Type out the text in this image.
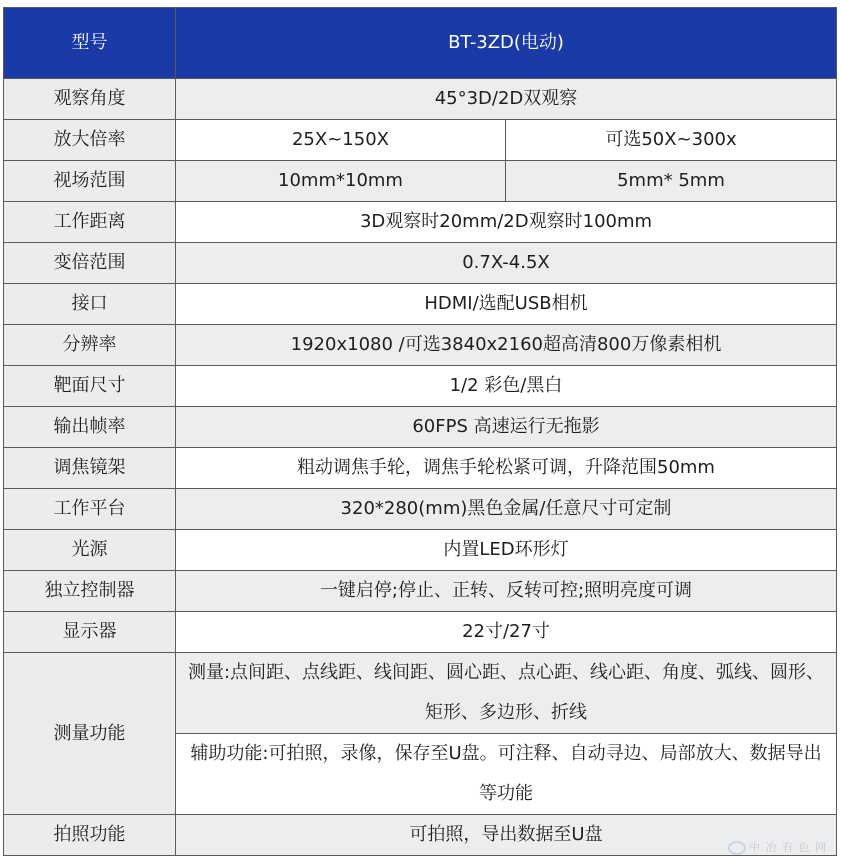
型号	BT-3ZD(电动)	
观察角度	45°3D/2D双观察	
放大倍率	25X~150X	可选50X~300x
视场范围	10mm*10mm	5mm* 5mm
工作距离	3D观察时20mm/2D观察时100mm	
变倍范围	0.7X-4.5X	
接口	HDMI/选配USB相机	
分辨率	1920x1080 /可选3840x2160超高清800万像素相机	
靶面尺寸	1/2 彩色/黑白	
输出帧率	60FPS 高速运行无拖影	
调焦镜架	粗动调焦手轮，调焦手轮松紧可调，升降范围50mm	
工作平台	320*280(mm)黑色金属/任意尺寸可定制	
光源	内置LED环形灯	
独立控制器	一键启停;停止、正转、反转可控;照明亮度可调	
显示器	22寸/27寸	
测量功能	测量:点间距、点线距、线间距、圆心距、点心距、线心距、角度、弧线、圆形、矩形、多边形、折线	
	辅助功能:可拍照，录像，保存至U盘。可注释、自动寻边、局部放大、数据导出等功能	
拍照功能	可拍照，导出数据至U盘	
中 冶 有 色 网
